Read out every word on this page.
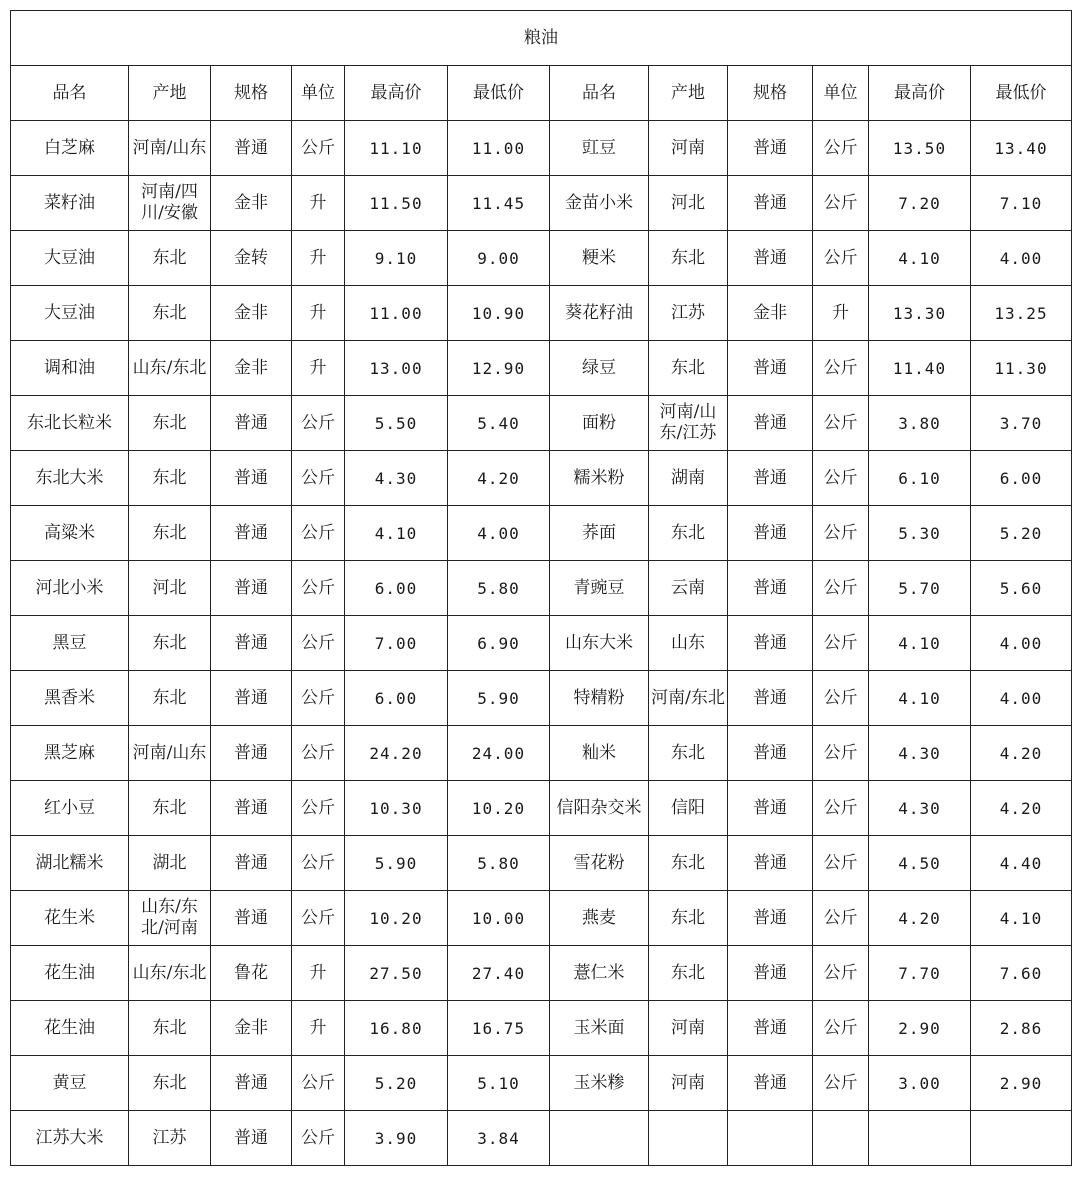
粮油											
品名	产地	规格	单位	最高价	最低价	品名	产地	规格	单位	最高价	最低价
白芝麻	河南/山东	普通	公斤	11.10	11.00	豇豆	河南	普通	公斤	13.50	13.40
菜籽油	河南/四川/安徽	金非	升	11.50	11.45	金苗小米	河北	普通	公斤	7.20	7.10
大豆油	东北	金转	升	9.10	9.00	粳米	东北	普通	公斤	4.10	4.00
大豆油	东北	金非	升	11.00	10.90	葵花籽油	江苏	金非	升	13.30	13.25
调和油	山东/东北	金非	升	13.00	12.90	绿豆	东北	普通	公斤	11.40	11.30
东北长粒米	东北	普通	公斤	5.50	5.40	面粉	河南/山东/江苏	普通	公斤	3.80	3.70
东北大米	东北	普通	公斤	4.30	4.20	糯米粉	湖南	普通	公斤	6.10	6.00
高粱米	东北	普通	公斤	4.10	4.00	荞面	东北	普通	公斤	5.30	5.20
河北小米	河北	普通	公斤	6.00	5.80	青豌豆	云南	普通	公斤	5.70	5.60
黑豆	东北	普通	公斤	7.00	6.90	山东大米	山东	普通	公斤	4.10	4.00
黑香米	东北	普通	公斤	6.00	5.90	特精粉	河南/东北	普通	公斤	4.10	4.00
黑芝麻	河南/山东	普通	公斤	24.20	24.00	籼米	东北	普通	公斤	4.30	4.20
红小豆	东北	普通	公斤	10.30	10.20	信阳杂交米	信阳	普通	公斤	4.30	4.20
湖北糯米	湖北	普通	公斤	5.90	5.80	雪花粉	东北	普通	公斤	4.50	4.40
花生米	山东/东北/河南	普通	公斤	10.20	10.00	燕麦	东北	普通	公斤	4.20	4.10
花生油	山东/东北	鲁花	升	27.50	27.40	薏仁米	东北	普通	公斤	7.70	7.60
花生油	东北	金非	升	16.80	16.75	玉米面	河南	普通	公斤	2.90	2.86
黄豆	东北	普通	公斤	5.20	5.10	玉米糁	河南	普通	公斤	3.00	2.90
江苏大米	江苏	普通	公斤	3.90	3.84						
